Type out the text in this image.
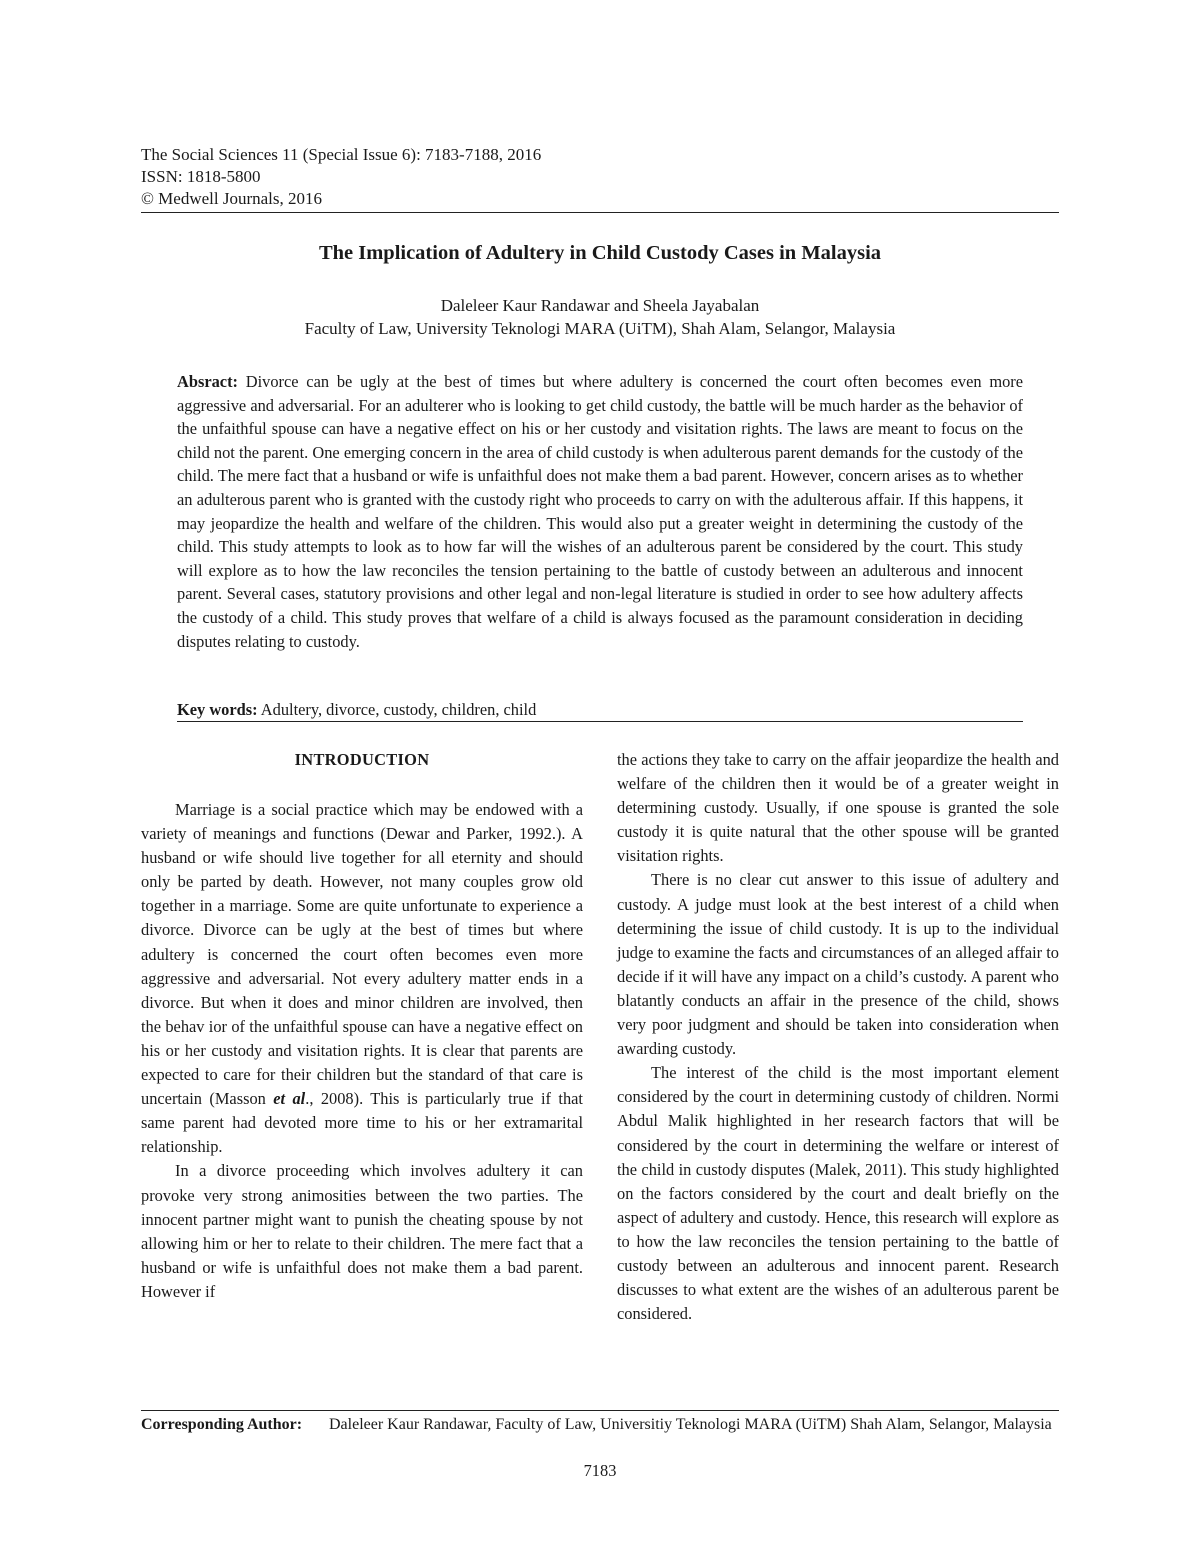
The Social Sciences 11 (Special Issue 6): 7183-7188, 2016
ISSN: 1818-5800
© Medwell Journals, 2016
The Implication of Adultery in Child Custody Cases in Malaysia
Daleleer Kaur Randawar and Sheela Jayabalan
Faculty of Law, University Teknologi MARA (UiTM), Shah Alam, Selangor, Malaysia
Absract: Divorce can be ugly at the best of times but where adultery is concerned the court often becomes even more aggressive and adversarial. For an adulterer who is looking to get child custody, the battle will be much harder as the behavior of the unfaithful spouse can have a negative effect on his or her custody and visitation rights. The laws are meant to focus on the child not the parent. One emerging concern in the area of child custody is when adulterous parent demands for the custody of the child. The mere fact that a husband or wife is unfaithful does not make them a bad parent. However, concern arises as to whether an adulterous parent who is granted with the custody right who proceeds to carry on with the adulterous affair. If this happens, it may jeopardize the health and welfare of the children. This would also put a greater weight in determining the custody of the child. This study attempts to look as to how far will the wishes of an adulterous parent be considered by the court. This study will explore as to how the law reconciles the tension pertaining to the battle of custody between an adulterous and innocent parent. Several cases, statutory provisions and other legal and non-legal literature is studied in order to see how adultery affects the custody of a child. This study proves that welfare of a child is always focused as the paramount consideration in deciding disputes relating to custody.
Key words: Adultery, divorce, custody, children, child
INTRODUCTION

Marriage is a social practice which may be endowed with a variety of meanings and functions (Dewar and Parker, 1992.). A husband or wife should live together for all eternity and should only be parted by death. However, not many couples grow old together in a marriage. Some are quite unfortunate to experience a divorce. Divorce can be ugly at the best of times but where adultery is concerned the court often becomes even more aggressive and adversarial. Not every adultery matter ends in a divorce. But when it does and minor children are involved, then the behav ior of the unfaithful spouse can have a negative effect on his or her custody and visitation rights. It is clear that parents are expected to care for their children but the standard of that care is uncertain (Masson et al., 2008). This is particularly true if that same parent had devoted more time to his or her extramarital relationship.

In a divorce proceeding which involves adultery it can provoke very strong animosities between the two parties. The innocent partner might want to punish the cheating spouse by not allowing him or her to relate to their children. The mere fact that a husband or wife is unfaithful does not make them a bad parent. However if

the actions they take to carry on the affair jeopardize the health and welfare of the children then it would be of a greater weight in determining custody. Usually, if one spouse is granted the sole custody it is quite natural that the other spouse will be granted visitation rights.

There is no clear cut answer to this issue of adultery and custody. A judge must look at the best interest of a child when determining the issue of child custody. It is up to the individual judge to examine the facts and circumstances of an alleged affair to decide if it will have any impact on a child’s custody. A parent who blatantly conducts an affair in the presence of the child, shows very poor judgment and should be taken into consideration when awarding custody.

The interest of the child is the most important element considered by the court in determining custody of children. Normi Abdul Malik highlighted in her research factors that will be considered by the court in determining the welfare or interest of the child in custody disputes (Malek, 2011). This study highlighted on the factors considered by the court and dealt briefly on the aspect of adultery and custody. Hence, this research will explore as to how the law reconciles the tension pertaining to the battle of custody between an adulterous and innocent parent. Research discusses to what extent are the wishes of an adulterous parent be considered.

Corresponding Author: Daleleer Kaur Randawar, Faculty of Law, Universitiy Teknologi MARA (UiTM) Shah Alam, Selangor, Malaysia
7183
